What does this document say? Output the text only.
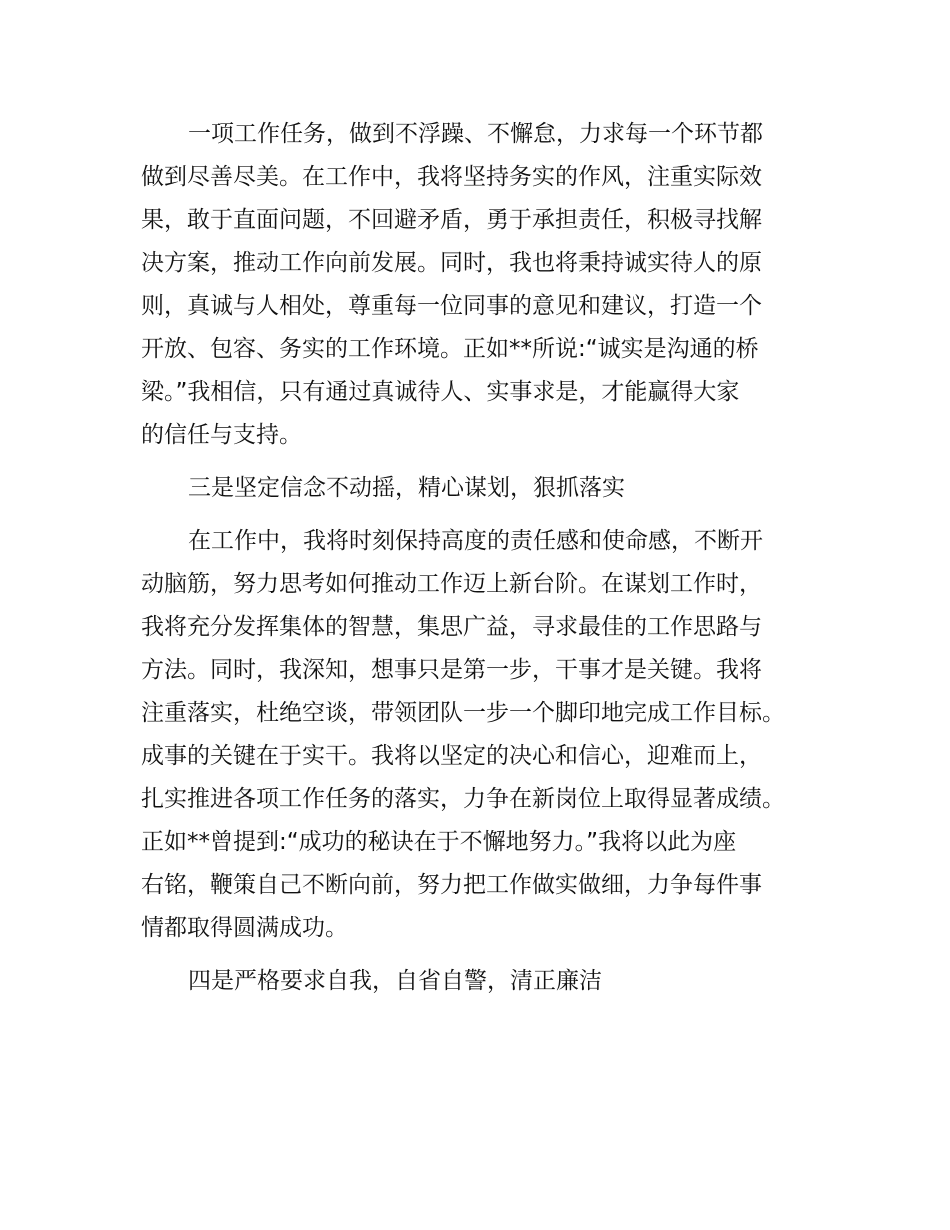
一项工作任务，做到不浮躁、不懈怠，力求每一个环节都
做到尽善尽美。在工作中，我将坚持务实的作风，注重实际效
果，敢于直面问题，不回避矛盾，勇于承担责任，积极寻找解
决方案，推动工作向前发展。同时，我也将秉持诚实待人的原
则，真诚与人相处，尊重每一位同事的意见和建议，打造一个
开放、包容、务实的工作环境。正如**所说:“诚实是沟通的桥
梁。”我相信，只有通过真诚待人、实事求是，才能赢得大家
的信任与支持。
三是坚定信念不动摇，精心谋划，狠抓落实
在工作中，我将时刻保持高度的责任感和使命感，不断开
动脑筋，努力思考如何推动工作迈上新台阶。在谋划工作时，
我将充分发挥集体的智慧，集思广益，寻求最佳的工作思路与
方法。同时，我深知，想事只是第一步，干事才是关键。我将
注重落实，杜绝空谈，带领团队一步一个脚印地完成工作目标。
成事的关键在于实干。我将以坚定的决心和信心，迎难而上，
扎实推进各项工作任务的落实，力争在新岗位上取得显著成绩。
正如**曾提到:“成功的秘诀在于不懈地努力。”我将以此为座
右铭，鞭策自己不断向前，努力把工作做实做细，力争每件事
情都取得圆满成功。
四是严格要求自我，自省自警，清正廉洁
